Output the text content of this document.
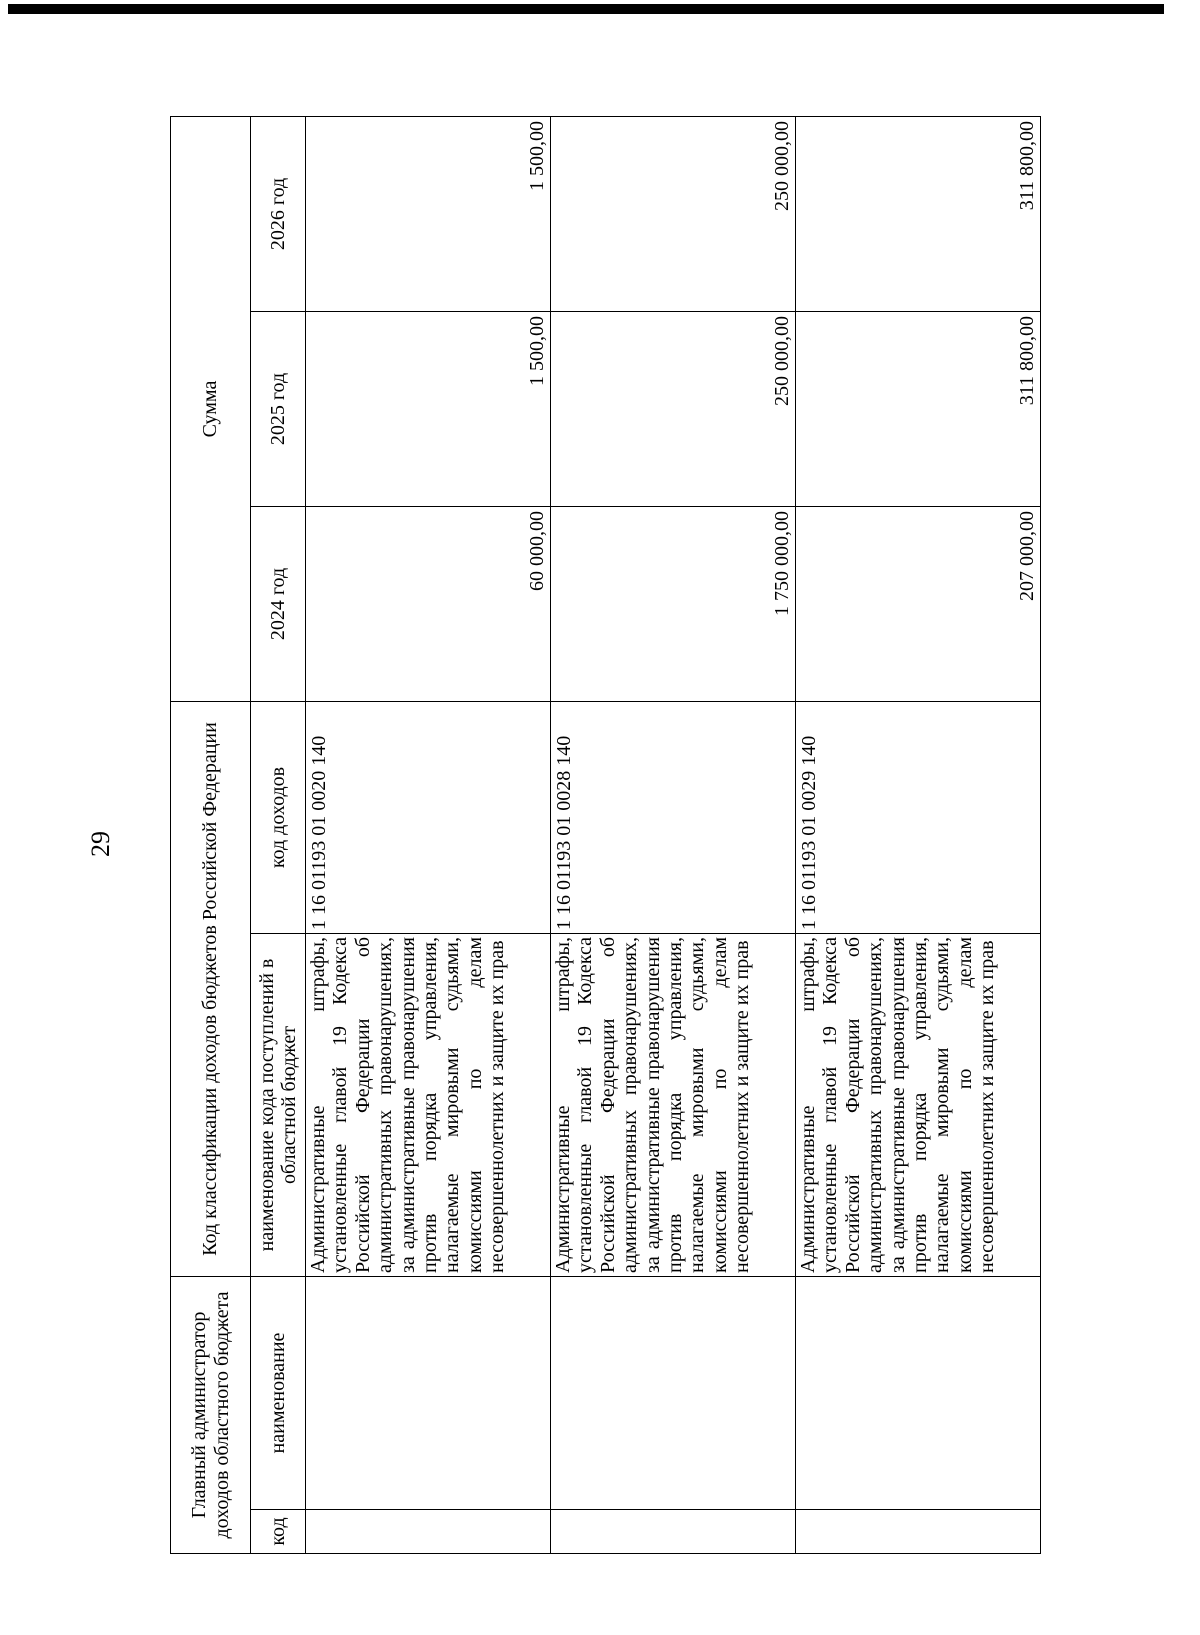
29
Главный администратор доходов областного бюджета		Код классификации доходов бюджетов Российской Федерации		Сумма		
код	наименование	наименование кода поступлений в областной бюджет	код доходов	2024 год	2025 год	2026 год
		Административные штрафы, установленные главой 19 Кодекса Российской Федерации об административных правонарушениях, за административные правонарушения против порядка управления, налагаемые мировыми судьями, комиссиями по делам несовершеннолетних и защите их прав	1 16 01193 01 0020 140	60 000,00	1 500,00	1 500,00
		Административные штрафы, установленные главой 19 Кодекса Российской Федерации об административных правонарушениях, за административные правонарушения против порядка управления, налагаемые мировыми судьями, комиссиями по делам несовершеннолетних и защите их прав	1 16 01193 01 0028 140	1 750 000,00	250 000,00	250 000,00
		Административные штрафы, установленные главой 19 Кодекса Российской Федерации об административных правонарушениях, за административные правонарушения против порядка управления, налагаемые мировыми судьями, комиссиями по делам несовершеннолетних и защите их прав	1 16 01193 01 0029 140	207 000,00	311 800,00	311 800,00
